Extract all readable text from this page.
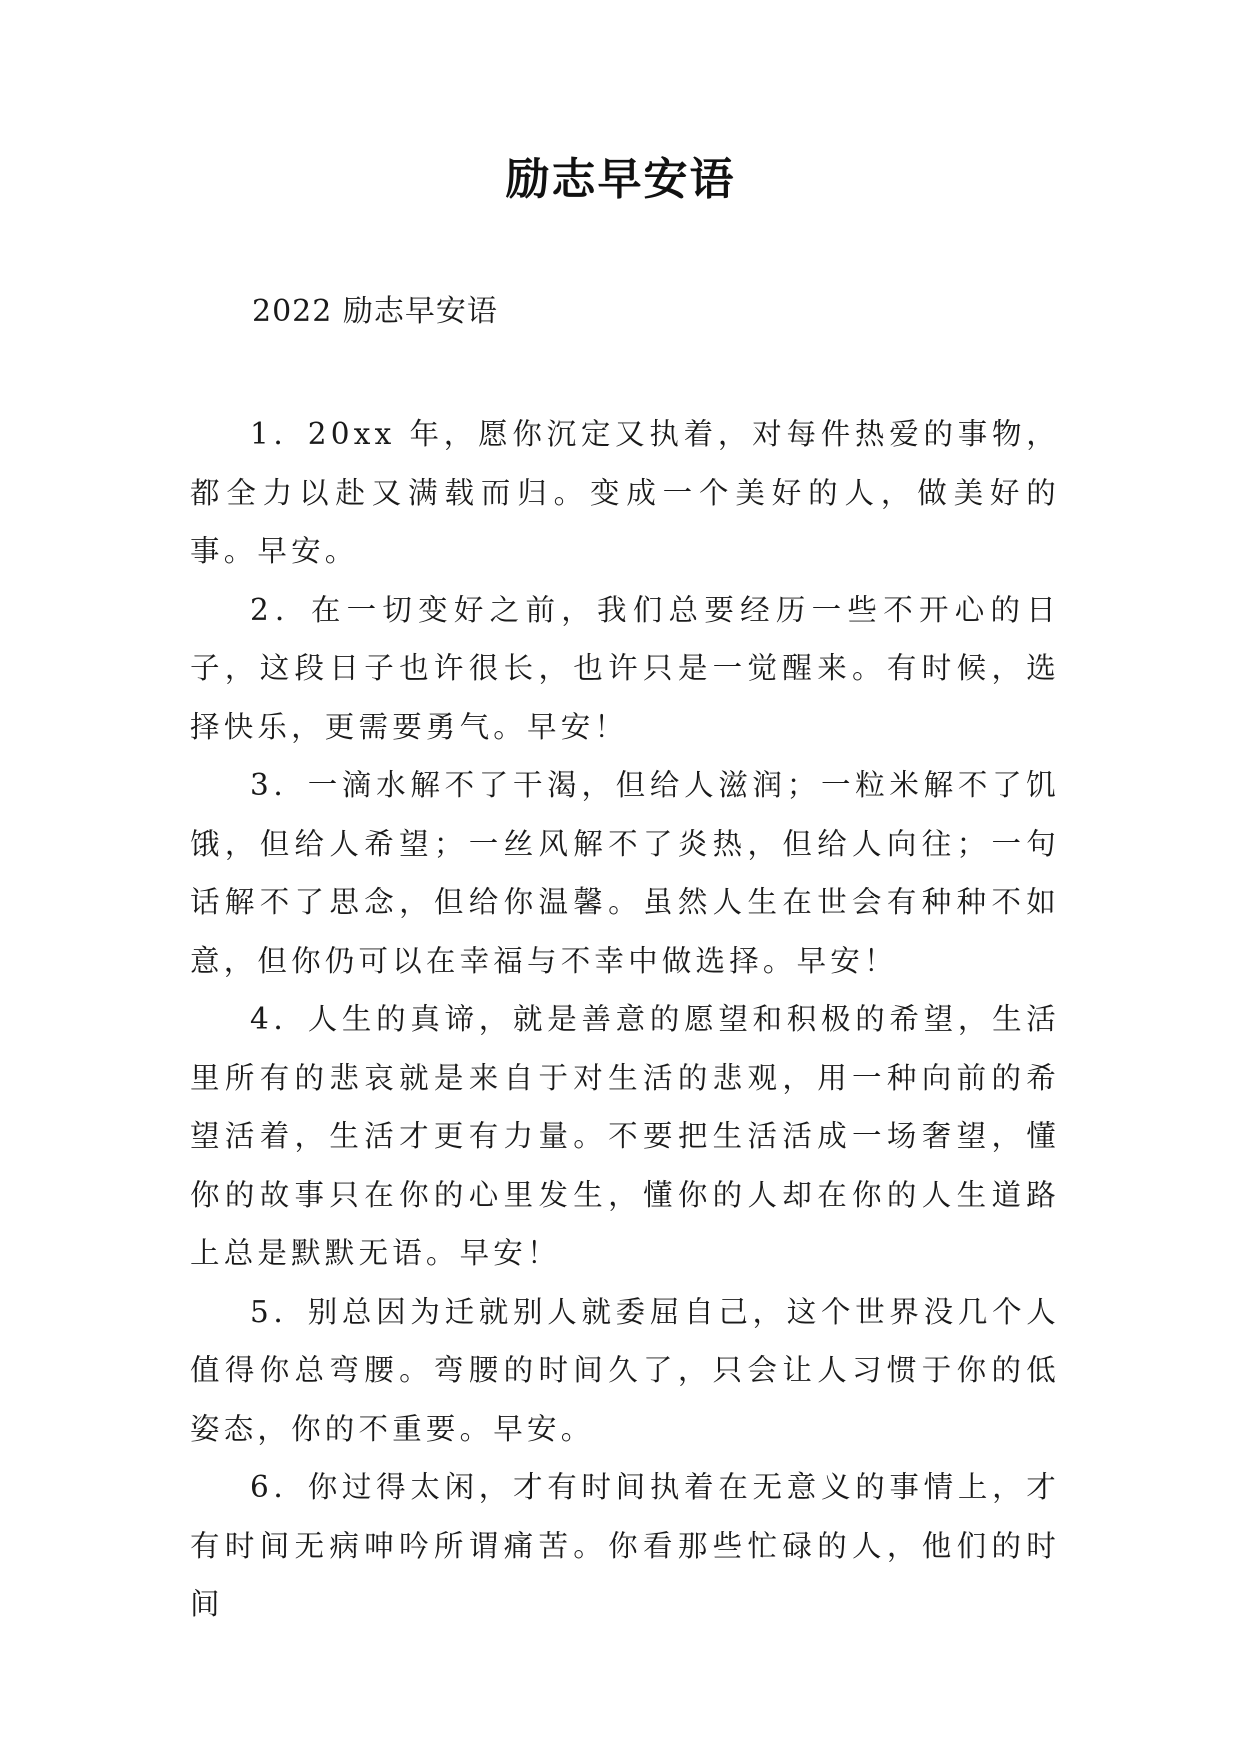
励志早安语
2022 励志早安语

1．20xx 年，愿你沉定又执着，对每件热爱的事物，都全力以赴又满载而归。变成一个美好的人，做美好的事。早安。

2．在一切变好之前，我们总要经历一些不开心的日子，这段日子也许很长，也许只是一觉醒来。有时候，选择快乐，更需要勇气。早安！

3．一滴水解不了干渴，但给人滋润；一粒米解不了饥饿，但给人希望；一丝风解不了炎热，但给人向往；一句话解不了思念，但给你温馨。虽然人生在世会有种种不如意，但你仍可以在幸福与不幸中做选择。早安！

4．人生的真谛，就是善意的愿望和积极的希望，生活里所有的悲哀就是来自于对生活的悲观，用一种向前的希望活着，生活才更有力量。不要把生活活成一场奢望，懂你的故事只在你的心里发生，懂你的人却在你的人生道路上总是默默无语。早安！

5．别总因为迁就别人就委屈自己，这个世界没几个人值得你总弯腰。弯腰的时间久了，只会让人习惯于你的低姿态，你的不重要。早安。

6．你过得太闲，才有时间执着在无意义的事情上，才有时间无病呻吟所谓痛苦。你看那些忙碌的人，他们的时间
